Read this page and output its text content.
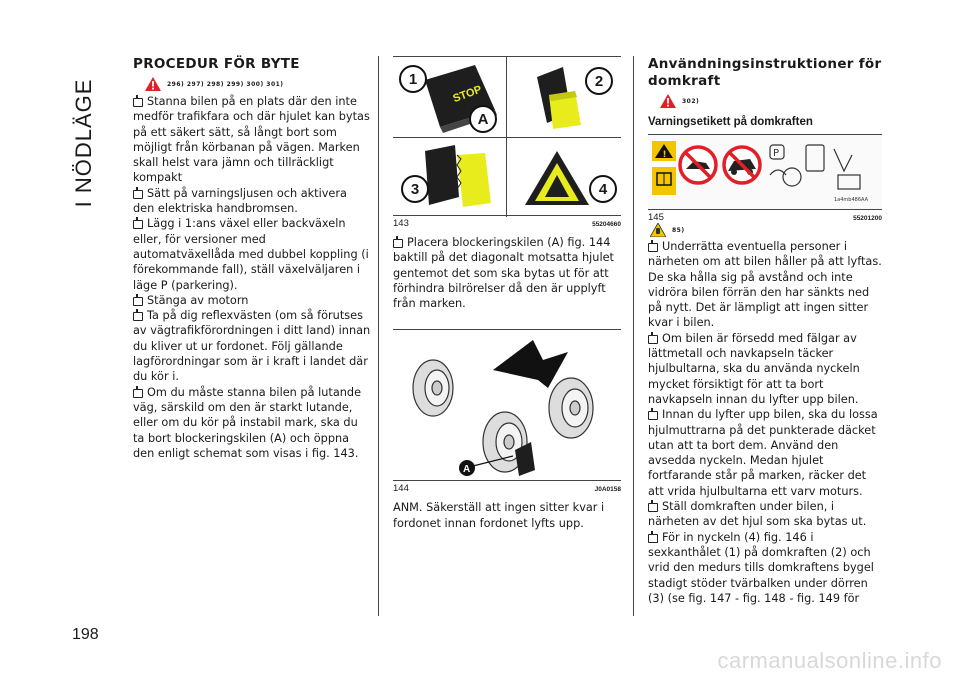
I NÖDLÄGE
198
PROCEDUR FÖR BYTE
296) 297) 298) 299) 300) 301)

Stanna bilen på en plats där den inte medför trafikfara och där hjulet kan bytas på ett säkert sätt, så långt bort som möjligt från körbanan på vägen. Marken skall helst vara jämn och tillräckligt kompakt

Sätt på varningsljusen och aktivera den elektriska handbromsen.

Lägg i 1:ans växel eller backväxeln eller, för versioner med automatväxellåda med dubbel koppling (i förekommande fall), ställ växelväljaren i läge P (parkering).

Stänga av motorn

Ta på dig reflexvästen (om så förutses av vägtrafikförordningen i ditt land) innan du kliver ut ur fordonet. Följ gällande lagförordningar som är i kraft i landet där du kör i.

Om du måste stanna bilen på lutande väg, särskild om den är starkt lutande, eller om du kör på instabil mark, ska du ta bort blockeringskilen (A) och öppna den enligt schemat som visas i fig. 143.

STOP
1
A
2
3	4
143	55204660

Placera blockeringskilen (A) fig. 144 baktill på det diagonalt motsatta hjulet gentemot det som ska bytas ut för att förhindra bilrörelser då den är upplyft från marken.

A
144	J0A0158

ANM. Säkerställ att ingen sitter kvar i fordonet innan fordonet lyfts upp.

Användningsinstruktioner för domkraft
302)
Varningsetikett på domkraften
!	P
1a4mb486AA
145	55201200
85)

Underrätta eventuella personer i närheten om att bilen håller på att lyftas. De ska hålla sig på avstånd och inte vidröra bilen förrän den har sänkts ned på nytt. Det är lämpligt att ingen sitter kvar i bilen.

Om bilen är försedd med fälgar av lättmetall och navkapseln täcker hjulbultarna, ska du använda nyckeln mycket försiktigt för att ta bort navkapseln innan du lyfter upp bilen.

Innan du lyfter upp bilen, ska du lossa hjulmuttrarna på det punkterade däcket utan att ta bort dem. Använd den avsedda nyckeln. Medan hjulet fortfarande står på marken, räcker det att vrida hjulbultarna ett varv moturs.

Ställ domkraften under bilen, i närheten av det hjul som ska bytas ut.

För in nyckeln (4) fig. 146 i sexkanthålet (1) på domkraften (2) och vrid den medurs tills domkraftens bygel stadigt stöder tvärbalken under dörren (3) (se fig. 147 - fig. 148 - fig. 149 för

carmanualsonline.info
